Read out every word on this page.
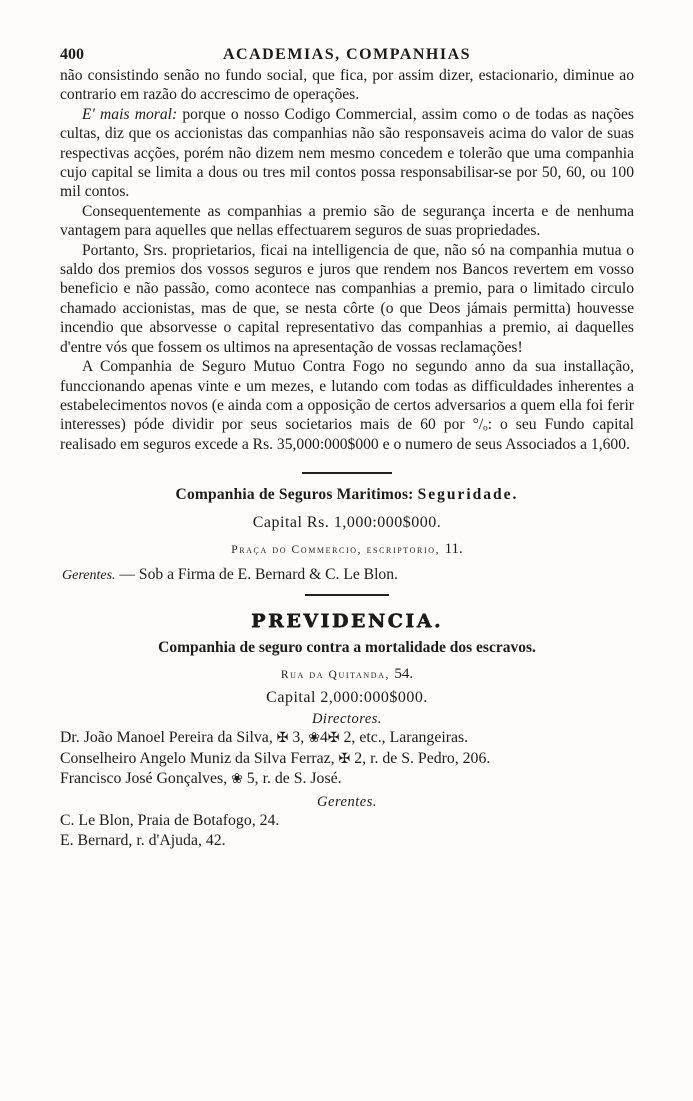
400	ACADEMIAS, COMPANHIAS

não consistindo senão no fundo social, que fica, por assim dizer, estacionario, diminue ao contrario em razão do accrescimo de operações.

E' mais moral: porque o nosso Codigo Commercial, assim como o de todas as nações cultas, diz que os accionistas das companhias não são responsaveis acima do valor de suas respectivas acções, porém não dizem nem mesmo concedem e tolerão que uma companhia cujo capital se limita a dous ou tres mil contos possa responsabilisar-se por 50, 60, ou 100 mil contos.

Consequentemente as companhias a premio são de segurança incerta e de nenhuma vantagem para aquelles que nellas effectuarem seguros de suas propriedades.

Portanto, Srs. proprietarios, ficai na intelligencia de que, não só na companhia mutua o saldo dos premios dos vossos seguros e juros que rendem nos Bancos revertem em vosso beneficio e não passão, como acontece nas companhias a premio, para o limitado circulo chamado accionistas, mas de que, se nesta côrte (o que Deos jámais permitta) houvesse incendio que absorvesse o capital representativo das companhias a premio, ai daquelles d'entre vós que fossem os ultimos na apresentação de vossas reclamações!

A Companhia de Seguro Mutuo Contra Fogo no segundo anno da sua installação, funccionando apenas vinte e um mezes, e lutando com todas as difficuldades inherentes a estabelecimentos novos (e ainda com a opposição de certos adversarios a quem ella foi ferir interesses) póde dividir por seus societarios mais de 60 por °/ₒ: o seu Fundo capital realisado em seguros excede a Rs. 35,000:000$000 e o numero de seus Associados a 1,600.

Companhia de Seguros Maritimos: Seguridade.
Capital Rs. 1,000:000$000.
Praça do Commercio, escriptorio, 11.
Gerentes. — Sob a Firma de E. Bernard & C. Le Blon.
PREVIDENCIA.
Companhia de seguro contra a mortalidade dos escravos.
Rua da Quitanda, 54.
Capital 2,000:000$000.
Directores.
Dr. João Manoel Pereira da Silva, ✠ 3, ❀4✠ 2, etc., Larangeiras.
Conselheiro Angelo Muniz da Silva Ferraz, ✠ 2, r. de S. Pedro, 206.
Francisco José Gonçalves, ❀ 5, r. de S. José.
Gerentes.
C. Le Blon, Praia de Botafogo, 24.
E. Bernard, r. d'Ajuda, 42.
